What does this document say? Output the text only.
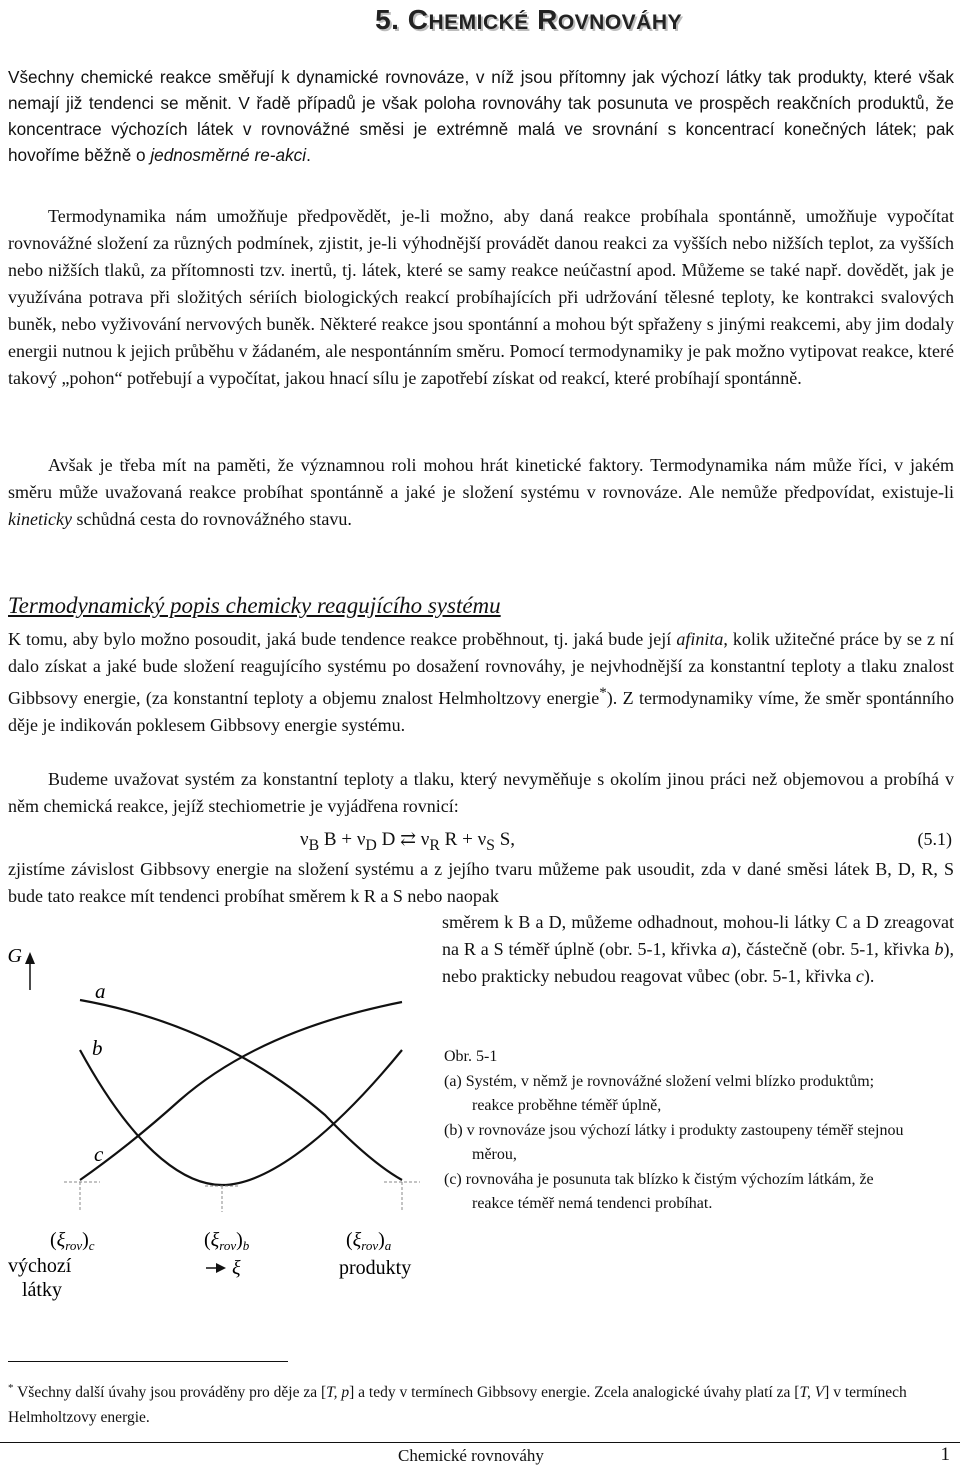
5. CHEMICKÉ ROVNOVÁHY
Všechny chemické reakce směřují k dynamické rovnováze, v níž jsou přítomny jak výchozí látky tak produkty, které však nemají již tendenci se měnit. V řadě případů je však poloha rovnováhy tak posunuta ve prospěch reakčních produktů, že koncentrace výchozích látek v rovnovážné směsi je extrémně malá ve srovnání s koncentrací konečných látek; pak hovoříme běžně o jednosměrné re-akci.
Termodynamika nám umožňuje předpovědět, je-li možno, aby daná reakce probíhala spontánně, umožňuje vypočítat rovnovážné složení za různých podmínek, zjistit, je-li výhodnější provádět danou reakci za vyšších nebo nižších teplot, za vyšších nebo nižších tlaků, za přítomnosti tzv. inertů, tj. látek, které se samy reakce neúčastní apod. Můžeme se také např. dovědět, jak je využívána potrava při složitých sériích biologických reakcí probíhajících při udržování tělesné teploty, ke kontrakci svalových buněk, nebo vyživování nervových buněk. Některé reakce jsou spontánní a mohou být spřaženy s jinými reakcemi, aby jim dodaly energii nutnou k jejich průběhu v žádaném, ale nespontánním směru. Pomocí termodynamiky je pak možno vytipovat reakce, které takový „pohon“ potřebují a vypočítat, jakou hnací sílu je zapotřebí získat od reakcí, které probíhají spontánně.
Avšak je třeba mít na paměti, že významnou roli mohou hrát kinetické faktory. Termodynamika nám může říci, v jakém směru může uvažovaná reakce probíhat spontánně a jaké je složení systému v rovnováze. Ale nemůže předpovídat, existuje-li kineticky schůdná cesta do rovnovážného stavu.
Termodynamický popis chemicky reagujícího systému
K tomu, aby bylo možno posoudit, jaká bude tendence reakce proběhnout, tj. jaká bude její afinita, kolik užitečné práce by se z ní dalo získat a jaké bude složení reagujícího systému po dosažení rovnováhy, je nejvhodnější za konstantní teploty a tlaku znalost Gibbsovy energie, (za konstantní teploty a objemu znalost Helmholtzovy energie*). Z termodynamiky víme, že směr spontánního děje je indikován poklesem Gibbsovy energie systému.
Budeme uvažovat systém za konstantní teploty a tlaku, který nevyměňuje s okolím jinou práci než objemovou a probíhá v něm chemická reakce, jejíž stechiometrie je vyjádřena rovnicí:
$\nu_B$ $B + \nu_D$ D ⇄ $\nu_R$ $R + \nu_S$ S,	(5.1)
zjistíme závislost Gibbsovy energie na složení systému a z jejího tvaru můžeme pak usoudit, zda v dané směsi látek B, D, R, S bude tato reakce mít tendenci probíhat směrem k R a S nebo naopak
směrem k B a D, můžeme odhadnout, mohou-li látky C a D zreagovat na R a S téměř úplně (obr. 5-1, křivka a), částečně (obr. 5-1, křivka b), nebo prakticky nebudou reagovat vůbec (obr. 5-1, křivka c).
G
a
b
c
$(\xi_{rov})_c$	$(\xi_{rov})_b$	$(\xi_{rov})_a$
výchozí
látky
produkty
ξ
Obr. 5-1
(a) Systém, v němž je rovnovážné složení velmi blízko produktům; reakce proběhne téměř úplně,
(b) v rovnováze jsou výchozí látky i produkty zastoupeny téměř stejnou měrou,
(c) rovnováha je posunuta tak blízko k čistým výchozím látkám, že reakce téměř nemá tendenci probíhat.
* Všechny další úvahy jsou prováděny pro děje za [T, p] a tedy v termínech Gibbsovy energie. Zcela analogické úvahy platí za [T, V] v termínech Helmholtzovy energie.
Chemické rovnováhy	1
